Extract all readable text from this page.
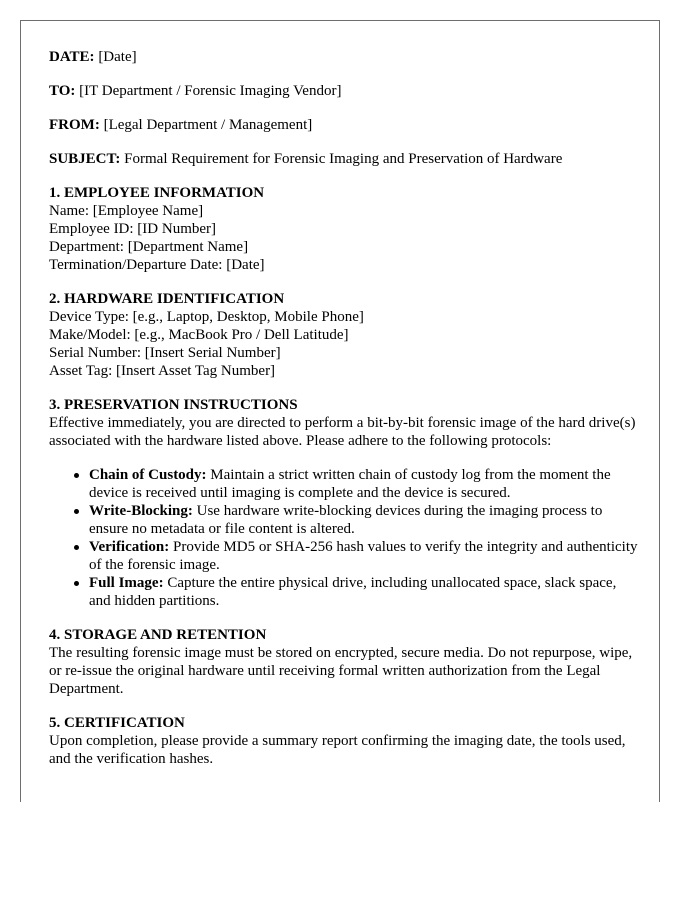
DATE: [Date]

TO: [IT Department / Forensic Imaging Vendor]

FROM: [Legal Department / Management]

SUBJECT: Formal Requirement for Forensic Imaging and Preservation of Hardware

1. EMPLOYEE INFORMATION

Name: [Employee Name]

Employee ID: [ID Number]

Department: [Department Name]

Termination/Departure Date: [Date]

2. HARDWARE IDENTIFICATION

Device Type: [e.g., Laptop, Desktop, Mobile Phone]

Make/Model: [e.g., MacBook Pro / Dell Latitude]

Serial Number: [Insert Serial Number]

Asset Tag: [Insert Asset Tag Number]

3. PRESERVATION INSTRUCTIONS

Effective immediately, you are directed to perform a bit-by-bit forensic image of the hard drive(s) associated with the hardware listed above. Please adhere to the following protocols:

Chain of Custody: Maintain a strict written chain of custody log from the moment the device is received until imaging is complete and the device is secured.
Write-Blocking: Use hardware write-blocking devices during the imaging process to ensure no metadata or file content is altered.
Verification: Provide MD5 or SHA-256 hash values to verify the integrity and authenticity of the forensic image.
Full Image: Capture the entire physical drive, including unallocated space, slack space, and hidden partitions.

4. STORAGE AND RETENTION

The resulting forensic image must be stored on encrypted, secure media. Do not repurpose, wipe, or re-issue the original hardware until receiving formal written authorization from the Legal Department.

5. CERTIFICATION

Upon completion, please provide a summary report confirming the imaging date, the tools used, and the verification hashes.
